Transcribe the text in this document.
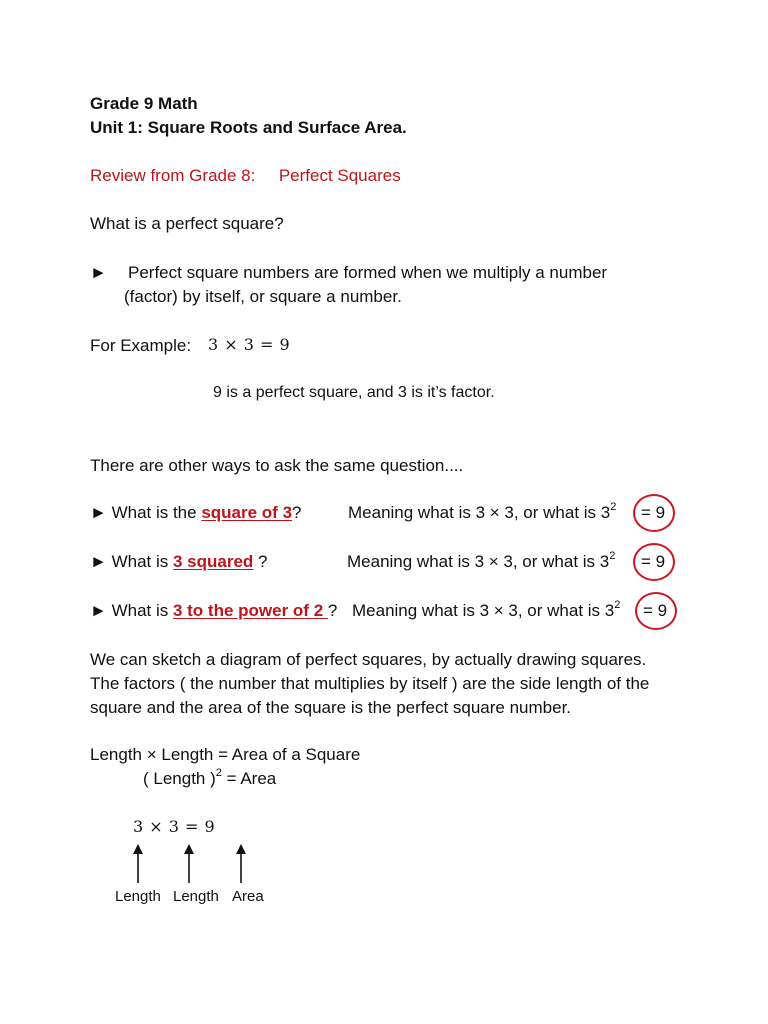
Grade 9 Math
Unit 1: Square Roots and Surface Area.
Review from Grade 8: Perfect Squares
What is a perfect square?
► Perfect square numbers are formed when we multiply a number
(factor) by itself, or square a number.
For Example: 3 × 3 = 9
9 is a perfect square, and 3 is it’s factor.
There are other ways to ask the same question....
► What is the square of 3?	Meaning what is 3 × 3, or what is $3^2 = 9$
► What is 3 squared ?	Meaning what is 3 × 3, or what is $3^2 = 9$
► What is 3 to the power of 2 ? Meaning what is 3 × 3, or what is $3^2 = 9$
We can sketch a diagram of perfect squares, by actually drawing squares.
The factors ( the number that multiplies by itself ) are the side length of the
square and the area of the square is the perfect square number.
Length × Length = Area of a Square
( Length )$^2$ = Area
3 × 3 = 9
Length Length Area
